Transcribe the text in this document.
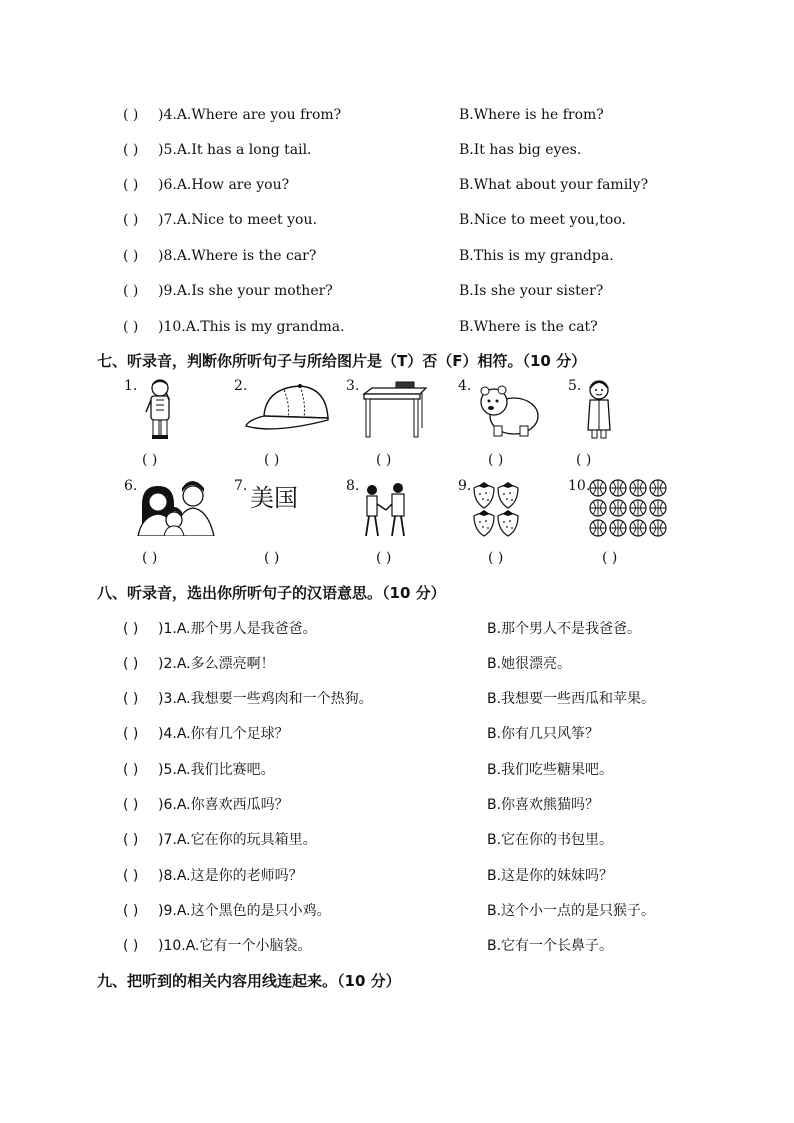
( ) )4.A.Where are you from?	B.Where is he from?
( ) )5.A.It has a long tail.	B.It has big eyes.
( ) )6.A.How are you?	B.What about your family?
( ) )7.A.Nice to meet you.	B.Nice to meet you,too.
( ) )8.A.Where is the car?	B.This is my grandpa.
( ) )9.A.Is she your mother?	B.Is she your sister?
( ) )10.A.This is my grandma.	B.Where is the cat?
七、听录音，判断你所听句子与所给图片是（T）否（F）相符。（10 分）
1.
( )
2.
( )
3.
( )
4.
( )
5.
( )
6.
( )
7. 美国
( )
8.
( )
9.
( )
10.
( )
八、听录音，选出你所听句子的汉语意思。（10 分）
( ) )1.A.那个男人是我爸爸。	B.那个男人不是我爸爸。
( ) )2.A.多么漂亮啊！	B.她很漂亮。
( ) )3.A.我想要一些鸡肉和一个热狗。	B.我想要一些西瓜和苹果。
( ) )4.A.你有几个足球？	B.你有几只风筝？
( ) )5.A.我们比赛吧。	B.我们吃些糖果吧。
( ) )6.A.你喜欢西瓜吗？	B.你喜欢熊猫吗？
( ) )7.A.它在你的玩具箱里。	B.它在你的书包里。
( ) )8.A.这是你的老师吗？	B.这是你的妹妹吗？
( ) )9.A.这个黑色的是只小鸡。	B.这个小一点的是只猴子。
( ) )10.A.它有一个小脑袋。	B.它有一个长鼻子。
九、把听到的相关内容用线连起来。（10 分）
